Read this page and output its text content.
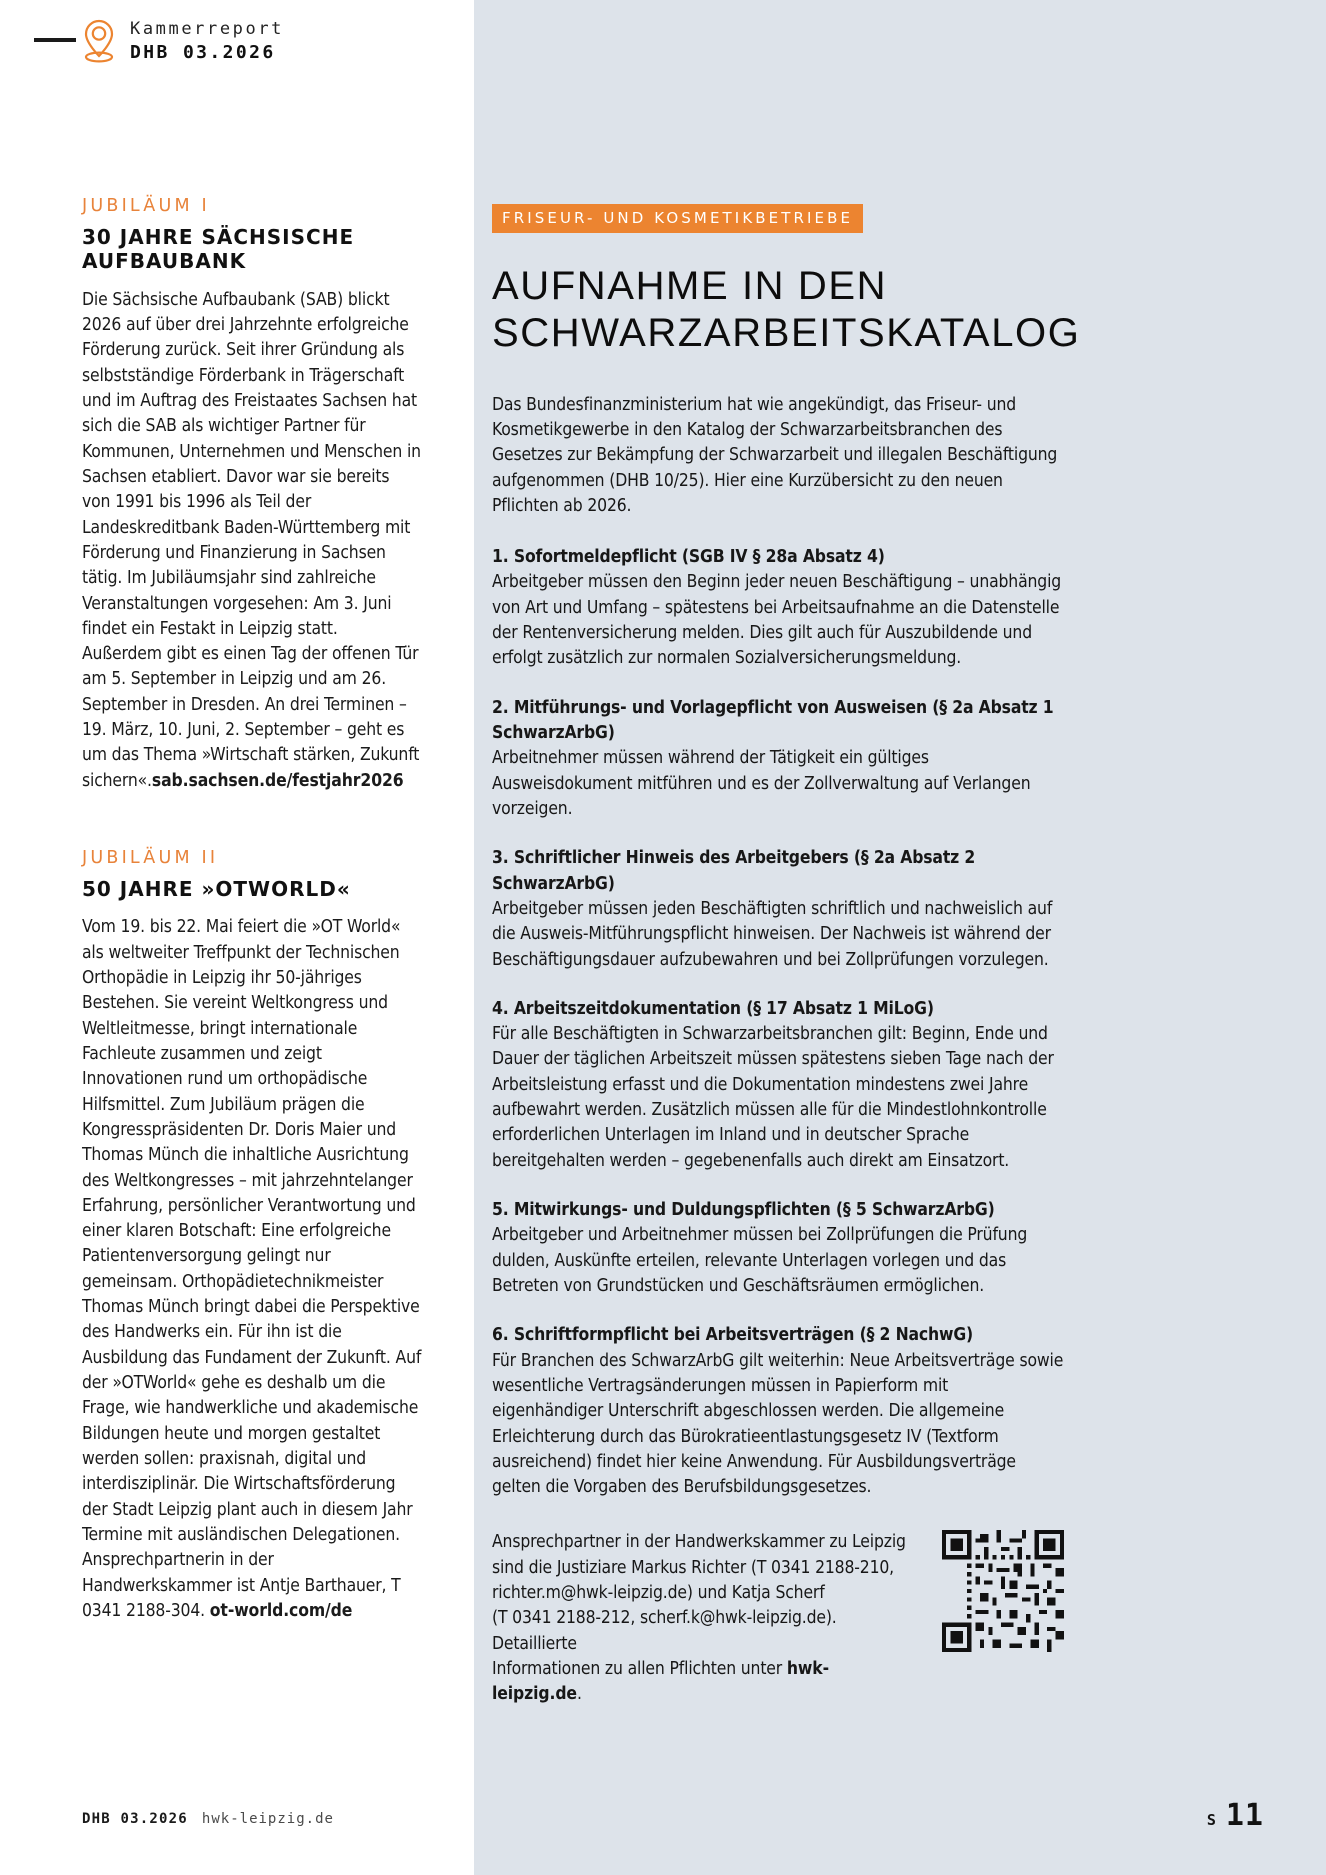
Kammerreport
DHB 03.2026
JUBILÄUM I
30 JAHRE SÄCHSISCHE AUFBAUBANK

Die Sächsische Aufbaubank (SAB) blickt 2026 auf über drei Jahrzehnte erfolgreiche Förderung zurück. Seit ihrer Gründung als selbstständige Förderbank in Trägerschaft und im Auftrag des Freistaates Sachsen hat sich die SAB als wichtiger Partner für Kommunen, Unternehmen und Menschen in Sachsen etabliert. Davor war sie bereits von 1991 bis 1996 als Teil der Landeskreditbank Baden-Württemberg mit Förderung und Finanzierung in Sachsen tätig. Im Jubiläumsjahr sind zahlreiche Veranstaltungen vorgesehen: Am 3. Juni findet ein Festakt in Leipzig statt. Außerdem gibt es einen Tag der offenen Tür am 5. September in Leipzig und am 26. September in Dresden. An drei Terminen – 19. März, 10. Juni, 2. September – geht es um das Thema »Wirtschaft stärken, Zukunft sichern«.sab.sachsen.de/festjahr2026

JUBILÄUM II
50 JAHRE »OTWORLD«

Vom 19. bis 22. Mai feiert die »OT World« als weltweiter Treffpunkt der Technischen Orthopädie in Leipzig ihr 50-jähriges Bestehen. Sie vereint Weltkongress und Weltleitmesse, bringt internationale Fachleute zusammen und zeigt Innovationen rund um orthopädische Hilfsmittel. Zum Jubiläum prägen die Kongresspräsidenten Dr. Doris Maier und Thomas Münch die inhaltliche Ausrichtung des Weltkongresses – mit jahrzehntelanger Erfahrung, persönlicher Verantwortung und einer klaren Botschaft: Eine erfolgreiche Patientenversorgung gelingt nur gemeinsam. Orthopädietechnikmeister Thomas Münch bringt dabei die Perspektive des Handwerks ein. Für ihn ist die Ausbildung das Fundament der Zukunft. Auf der »OTWorld« gehe es deshalb um die Frage, wie handwerkliche und akademische Bildungen heute und morgen gestaltet werden sollen: praxisnah, digital und interdisziplinär. Die Wirtschaftsförderung der Stadt Leipzig plant auch in diesem Jahr Termine mit ausländischen Delegationen. Ansprechpartnerin in der Handwerkskammer ist Antje Barthauer, T 0341 2188-304. ot-world.com/de

FRISEUR- UND KOSMETIKBETRIEBE
AUFNAHME IN DEN SCHWARZARBEITSKATALOG

Das Bundesfinanzministerium hat wie angekündigt, das Friseur- und Kosmetikgewerbe in den Katalog der Schwarzarbeitsbranchen des Gesetzes zur Bekämpfung der Schwarzarbeit und illegalen Beschäftigung aufgenommen (DHB 10/25). Hier eine Kurzübersicht zu den neuen Pflichten ab 2026.

1. Sofortmeldepflicht (SGB IV § 28a Absatz 4)

Arbeitgeber müssen den Beginn jeder neuen Beschäftigung – unabhängig von Art und Umfang – spätestens bei Arbeitsaufnahme an die Datenstelle der Rentenversicherung melden. Dies gilt auch für Auszubildende und erfolgt zusätzlich zur normalen Sozialversicherungsmeldung.

2. Mitführungs- und Vorlagepflicht von Ausweisen (§ 2a Absatz 1 SchwarzArbG)

Arbeitnehmer müssen während der Tätigkeit ein gültiges Ausweisdokument mitführen und es der Zollverwaltung auf Verlangen vorzeigen.

3. Schriftlicher Hinweis des Arbeitgebers (§ 2a Absatz 2 SchwarzArbG)

Arbeitgeber müssen jeden Beschäftigten schriftlich und nachweislich auf die Ausweis-Mitführungspflicht hinweisen. Der Nachweis ist während der Beschäftigungsdauer aufzubewahren und bei Zollprüfungen vorzulegen.

4. Arbeitszeitdokumentation (§ 17 Absatz 1 MiLoG)

Für alle Beschäftigten in Schwarzarbeitsbranchen gilt: Beginn, Ende und Dauer der täglichen Arbeitszeit müssen spätestens sieben Tage nach der Arbeitsleistung erfasst und die Dokumentation mindestens zwei Jahre aufbewahrt werden. Zusätzlich müssen alle für die Mindestlohnkontrolle erforderlichen Unterlagen im Inland und in deutscher Sprache bereitgehalten werden – gegebenenfalls auch direkt am Einsatzort.

5. Mitwirkungs- und Duldungspflichten (§ 5 SchwarzArbG)

Arbeitgeber und Arbeitnehmer müssen bei Zollprüfungen die Prüfung dulden, Auskünfte erteilen, relevante Unterlagen vorlegen und das Betreten von Grundstücken und Geschäftsräumen ermöglichen.

6. Schriftformpflicht bei Arbeitsverträgen (§ 2 NachwG)

Für Branchen des SchwarzArbG gilt weiterhin: Neue Arbeitsverträge sowie wesentliche Vertragsänderungen müssen in Papierform mit eigenhändiger Unterschrift abgeschlossen werden. Die allgemeine Erleichterung durch das Bürokratieentlastungsgesetz IV (Textform ausreichend) findet hier keine Anwendung. Für Ausbildungsverträge gelten die Vorgaben des Berufsbildungsgesetzes.

Ansprechpartner in der Handwerkskammer zu Leipzig

sind die Justiziare Markus Richter (T 0341 2188-210,

richter.m@hwk-leipzig.de) und Katja Scherf

(T 0341 2188-212, scherf.k@hwk-leipzig.de). Detaillierte

Informationen zu allen Pflichten unter hwk-leipzig.de.

DHB 03.2026 hwk-leipzig.de	S 11
